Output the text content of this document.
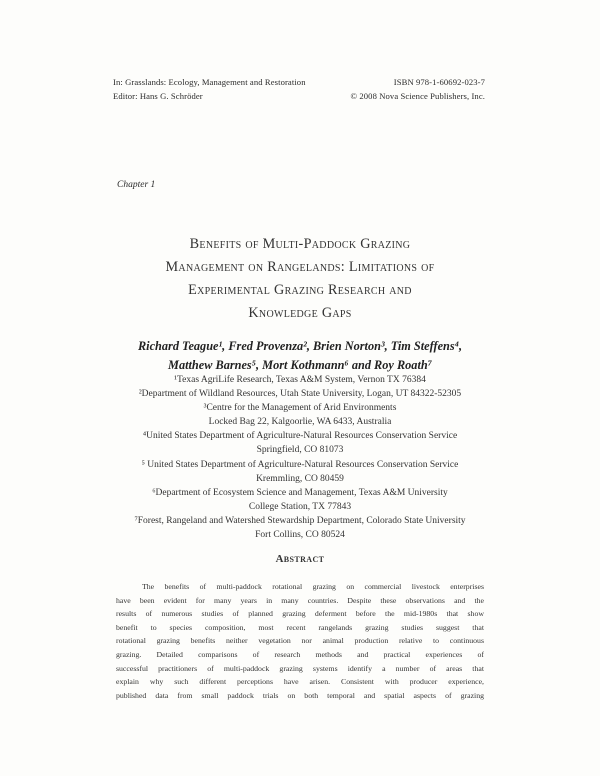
In: Grasslands: Ecology, Management and Restoration	ISBN 978-1-60692-023-7
Editor: Hans G. Schröder	© 2008 Nova Science Publishers, Inc.
Chapter 1
Benefits of Multi-Paddock Grazing
Management on Rangelands: Limitations of
Experimental Grazing Research and
Knowledge Gaps
Richard Teague¹, Fred Provenza², Brien Norton³, Tim Steffens⁴,
Matthew Barnes⁵, Mort Kothmann⁶ and Roy Roath⁷
¹Texas AgriLife Research, Texas A&M System, Vernon TX 76384
²Department of Wildland Resources, Utah State University, Logan, UT 84322-52305
³Centre for the Management of Arid Environments
Locked Bag 22, Kalgoorlie, WA 6433, Australia
⁴United States Department of Agriculture-Natural Resources Conservation Service
Springfield, CO 81073
⁵ United States Department of Agriculture-Natural Resources Conservation Service
Kremmling, CO 80459
⁶Department of Ecosystem Science and Management, Texas A&M University
College Station, TX 77843
⁷Forest, Rangeland and Watershed Stewardship Department, Colorado State University
Fort Collins, CO 80524
Abstract
The benefits of multi-paddock rotational grazing on commercial livestock enterprises
have been evident for many years in many countries. Despite these observations and the
results of numerous studies of planned grazing deferment before the mid-1980s that show
benefit to species composition, most recent rangelands grazing studies suggest that
rotational grazing benefits neither vegetation nor animal production relative to continuous
grazing. Detailed comparisons of research methods and practical experiences of
successful practitioners of multi-paddock grazing systems identify a number of areas that
explain why such different perceptions have arisen. Consistent with producer experience,
published data from small paddock trials on both temporal and spatial aspects of grazing
